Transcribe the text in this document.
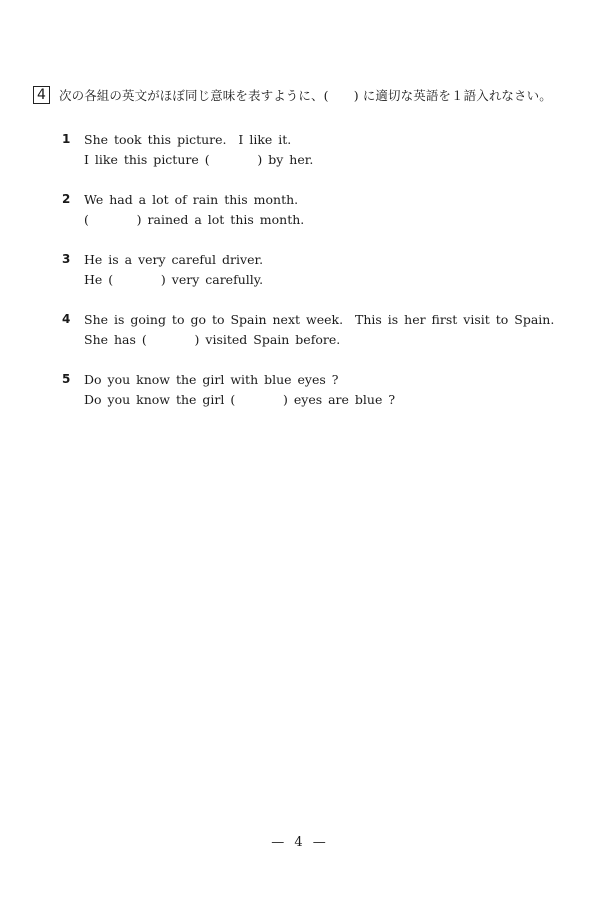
4	次の各組の英文がほぼ同じ意味を表すように、(　　) に適切な英語を１語入れなさい。
1	She took this picture.  I like it.
I like this picture (        ) by her.
2	We had a lot of rain this month.
(        ) rained a lot this month.
3	He is a very careful driver.
He (        ) very carefully.
4	She is going to go to Spain next week.  This is her first visit to Spain.
She has (        ) visited Spain before.
5	Do you know the girl with blue eyes ?
Do you know the girl (        ) eyes are blue ?
— 4 —
